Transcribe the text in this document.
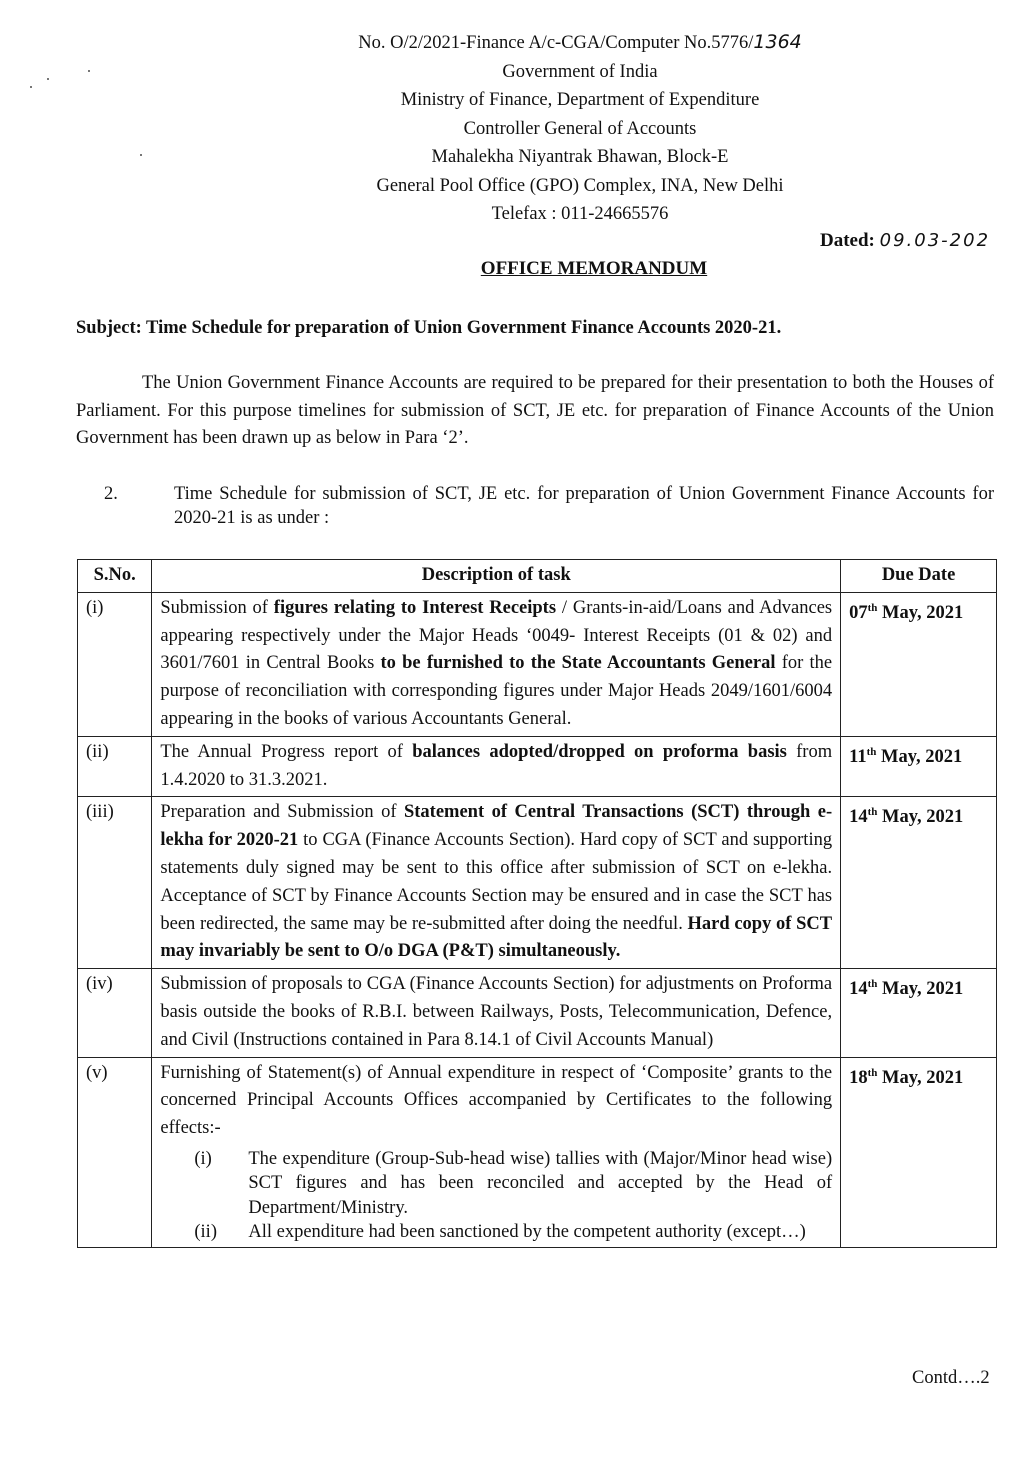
No. O/2/2021-Finance A/c-CGA/Computer No.5776/1364
Government of India
Ministry of Finance, Department of Expenditure
Controller General of Accounts
Mahalekha Niyantrak Bhawan, Block-E
General Pool Office (GPO) Complex, INA, New Delhi
Telefax : 011-24665576
Dated: 09.03-202
OFFICE MEMORANDUM
Subject: Time Schedule for preparation of Union Government Finance Accounts 2020-21.
The Union Government Finance Accounts are required to be prepared for their presentation to both the Houses of Parliament. For this purpose timelines for submission of SCT, JE etc. for preparation of Finance Accounts of the Union Government has been drawn up as below in Para ‘2’.
2.	Time Schedule for submission of SCT, JE etc. for preparation of Union Government Finance Accounts for 2020-21 is as under :
S.No.	Description of task	Due Date
(i)	Submission of figures relating to Interest Receipts / Grants-in-aid/Loans and Advances appearing respectively under the Major Heads ‘0049- Interest Receipts (01 & 02) and 3601/7601 in Central Books to be furnished to the State Accountants General for the purpose of reconciliation with corresponding figures under Major Heads 2049/1601/6004 appearing in the books of various Accountants General.	07th May, 2021
(ii)	The Annual Progress report of balances adopted/dropped on proforma basis from 1.4.2020 to 31.3.2021.	11th May, 2021
(iii)	Preparation and Submission of Statement of Central Transactions (SCT) through e-lekha for 2020-21 to CGA (Finance Accounts Section). Hard copy of SCT and supporting statements duly signed may be sent to this office after submission of SCT on e-lekha. Acceptance of SCT by Finance Accounts Section may be ensured and in case the SCT has been redirected, the same may be re-submitted after doing the needful. Hard copy of SCT may invariably be sent to O/o DGA (P&T) simultaneously.	14th May, 2021
(iv)	Submission of proposals to CGA (Finance Accounts Section) for adjustments on Proforma basis outside the books of R.B.I. between Railways, Posts, Telecommunication, Defence, and Civil (Instructions contained in Para 8.14.1 of Civil Accounts Manual)	14th May, 2021
(v)	Furnishing of Statement(s) of Annual expenditure in respect of ‘Composite’ grants to the concerned Principal Accounts Offices accompanied by Certificates to the following effects:-
(i) The expenditure (Group-Sub-head wise) tallies with (Major/Minor head wise) SCT figures and has been reconciled and accepted by the Head of Department/Ministry.
(ii) All expenditure had been sanctioned by the competent authority (except…)	18th May, 2021
Contd….2
